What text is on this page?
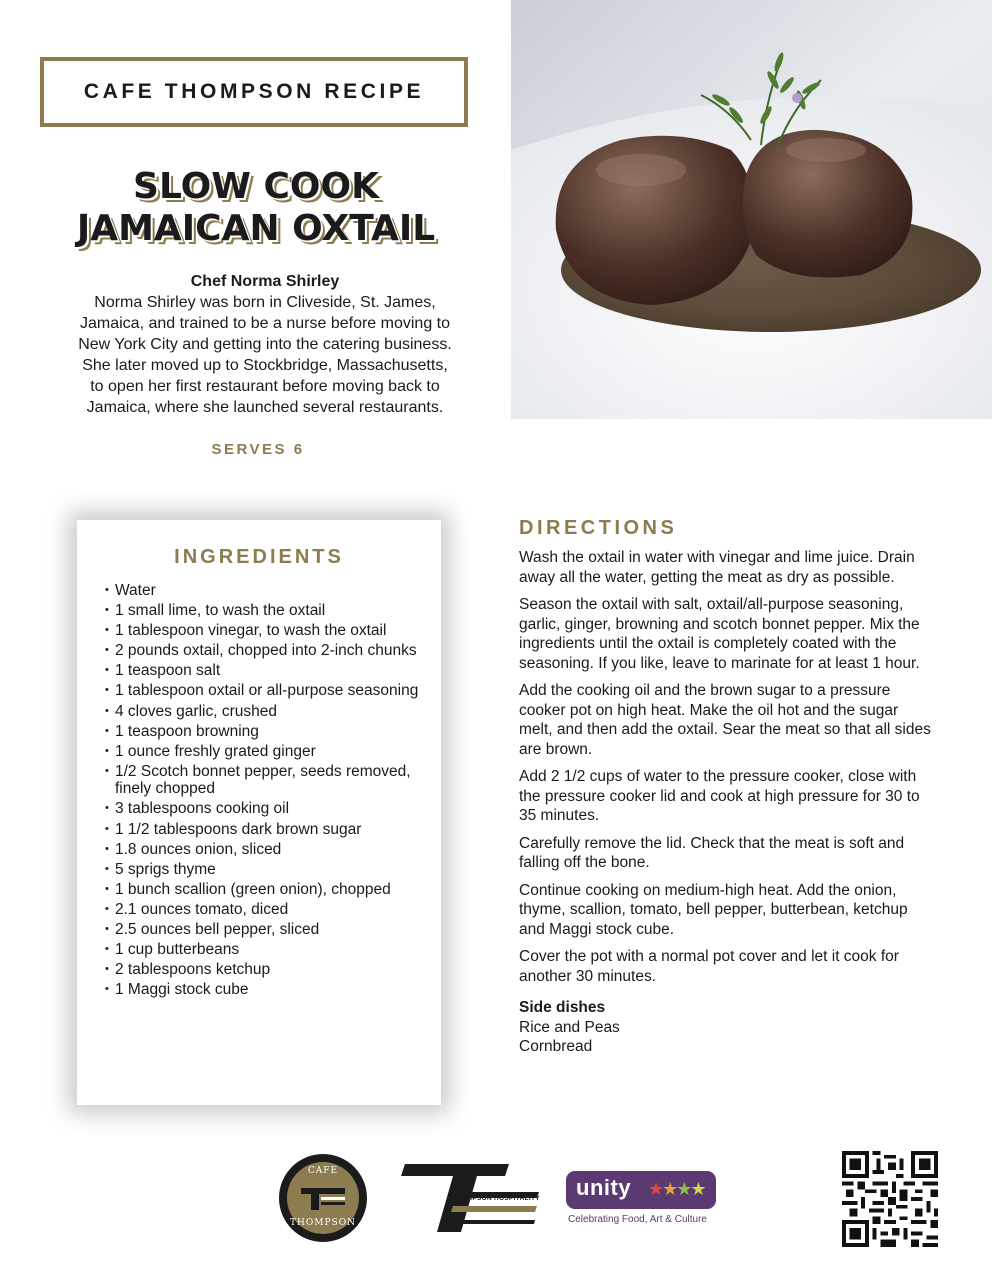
CAFE THOMPSON RECIPE
SLOW COOK
JAMAICAN OXTAIL
Chef Norma Shirley
Norma Shirley was born in Cliveside, St. James,
Jamaica, and trained to be a nurse before moving to
New York City and getting into the catering business.
She later moved up to Stockbridge, Massachusetts,
to open her first restaurant before moving back to
Jamaica, where she launched several restaurants.
SERVES 6
INGREDIENTS
• Water
• 1 small lime, to wash the oxtail
• 1 tablespoon vinegar, to wash the oxtail
• 2 pounds oxtail, chopped into 2-inch chunks
• 1 teaspoon salt
• 1 tablespoon oxtail or all-purpose seasoning
• 4 cloves garlic, crushed
• 1 teaspoon browning
• 1 ounce freshly grated ginger
• 1/2 Scotch bonnet pepper, seeds removed, finely chopped
• 3 tablespoons cooking oil
• 1 1/2 tablespoons dark brown sugar
• 1.8 ounces onion, sliced
• 5 sprigs thyme
• 1 bunch scallion (green onion), chopped
• 2.1 ounces tomato, diced
• 2.5 ounces bell pepper, sliced
• 1 cup butterbeans
• 2 tablespoons ketchup
• 1 Maggi stock cube
DIRECTIONS

Wash the oxtail in water with vinegar and lime juice. Drain away all the water, getting the meat as dry as possible.

Season the oxtail with salt, oxtail/all-purpose seasoning, garlic, ginger, browning and scotch bonnet pepper. Mix the ingredients until the oxtail is completely coated with the seasoning. If you like, leave to marinate for at least 1 hour.

Add the cooking oil and the brown sugar to a pressure cooker pot on high heat. Make the oil hot and the sugar melt, and then add the oxtail. Sear the meat so that all sides are brown.

Add 2 1/2 cups of water to the pressure cooker, close with the pressure cooker lid and cook at high pressure for 30 to 35 minutes.

Carefully remove the lid. Check that the meat is soft and falling off the bone.

Continue cooking on medium-high heat. Add the onion, thyme, scallion, tomato, bell pepper, butterbean, ketchup and Maggi stock cube.

Cover the pot with a normal pot cover and let it cook for another 30 minutes.

Side dishes
Rice and Peas
Cornbread
CAFE
THOMPSON
THOMPSON HOSPITALITY unity ★★★★
Celebrating Food, Art & Culture
